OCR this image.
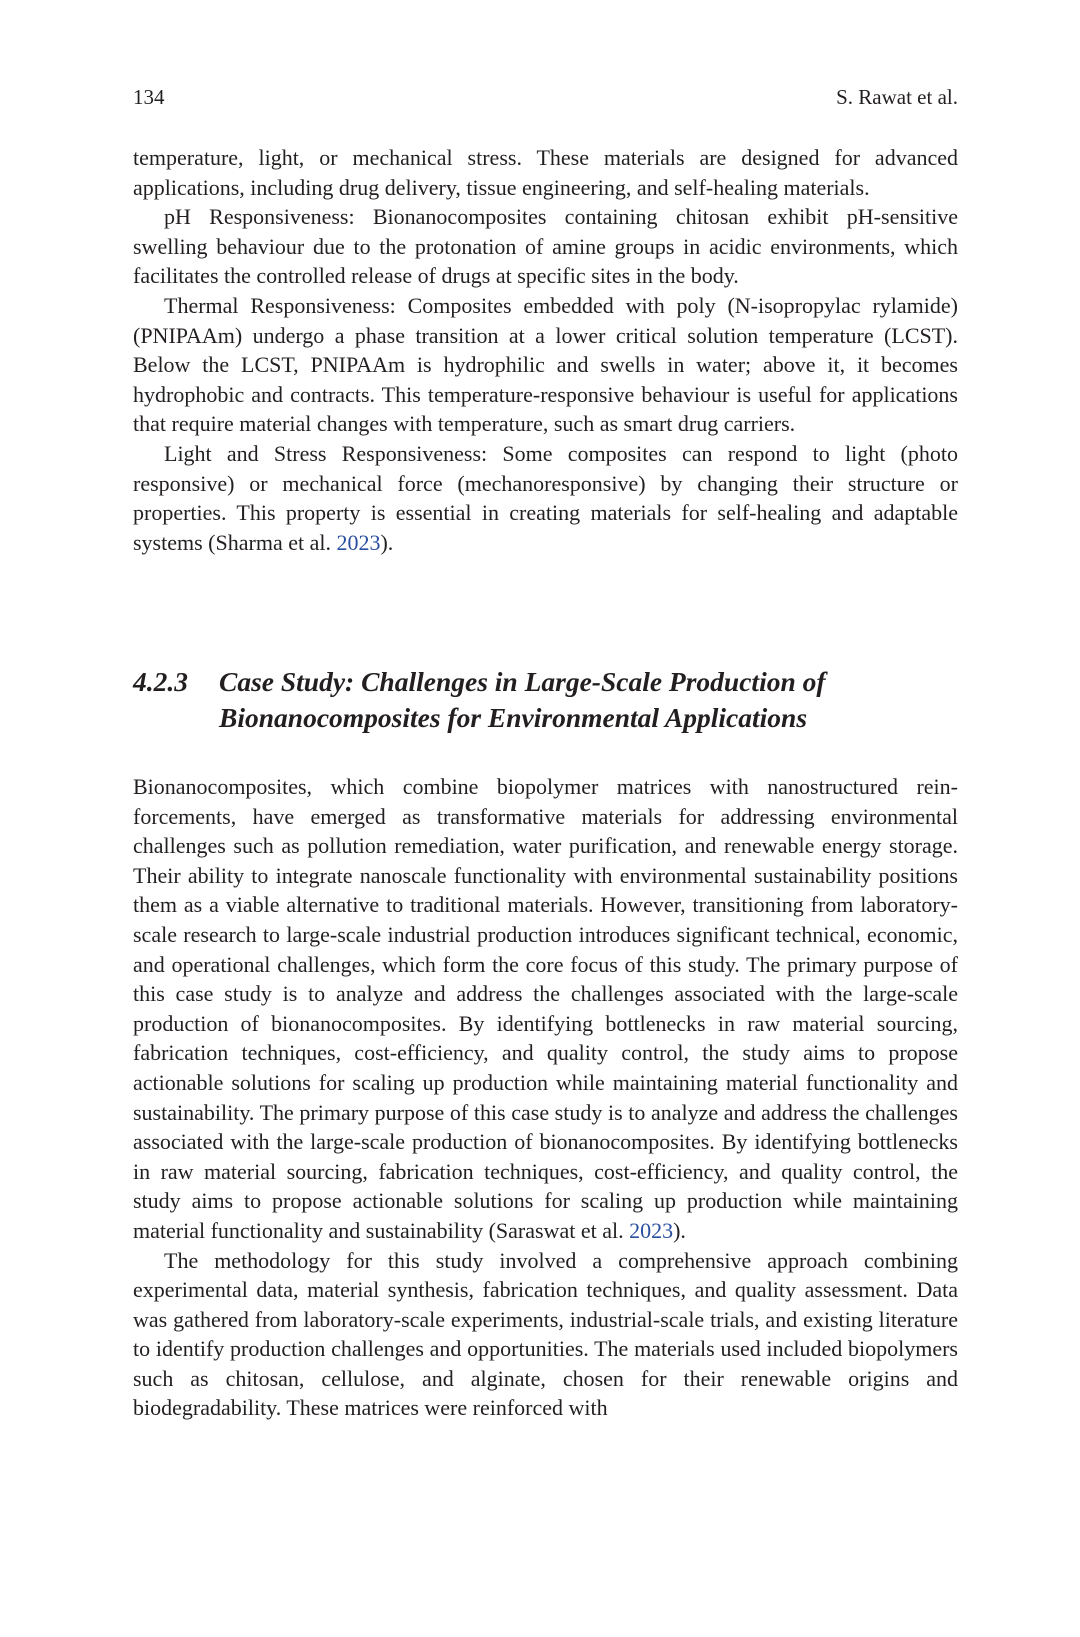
134	S. Rawat et al.

temperature, light, or mechanical stress. These materials are designed for advanced applications, including drug delivery, tissue engineering, and self-healing materials.

pH Responsiveness: Bionanocomposites containing chitosan exhibit pH-sensitive swelling behaviour due to the protonation of amine groups in acidic environments, which facilitates the controlled release of drugs at specific sites in the body.

Thermal Responsiveness: Composites embedded with poly (N-isopropylac rylamide) (PNIPAAm) undergo a phase transition at a lower critical solution temperature (LCST). Below the LCST, PNIPAAm is hydrophilic and swells in water; above it, it becomes hydrophobic and contracts. This temperature-responsive behaviour is useful for applications that require material changes with temperature, such as smart drug carriers.

Light and Stress Responsiveness: Some composites can respond to light (photo responsive) or mechanical force (mechanoresponsive) by changing their structure or properties. This property is essential in creating materials for self-healing and adaptable systems (Sharma et al. 2023).

4.2.3 Case Study: Challenges in Large-Scale Production of Bionanocomposites for Environmental Applications

Bionanocomposites, which combine biopolymer matrices with nanostructured reinforcements, have emerged as transformative materials for addressing environmental challenges such as pollution remediation, water purification, and renewable energy storage. Their ability to integrate nanoscale functionality with environmental sustainability positions them as a viable alternative to traditional materials. However, transitioning from laboratory-scale research to large-scale industrial production introduces significant technical, economic, and operational challenges, which form the core focus of this study. The primary purpose of this case study is to analyze and address the challenges associated with the large-scale production of bionanocomposites. By identifying bottlenecks in raw material sourcing, fabrication techniques, cost-efficiency, and quality control, the study aims to propose actionable solutions for scaling up production while maintaining material functionality and sustainability. The primary purpose of this case study is to analyze and address the challenges associated with the large-scale production of bionanocomposites. By identifying bottlenecks in raw material sourcing, fabrication techniques, cost-efficiency, and quality control, the study aims to propose actionable solutions for scaling up production while maintaining material functionality and sustainability (Saraswat et al. 2023).

The methodology for this study involved a comprehensive approach combining experimental data, material synthesis, fabrication techniques, and quality assessment. Data was gathered from laboratory-scale experiments, industrial-scale trials, and existing literature to identify production challenges and opportunities. The materials used included biopolymers such as chitosan, cellulose, and alginate, chosen for their renewable origins and biodegradability. These matrices were reinforced with
